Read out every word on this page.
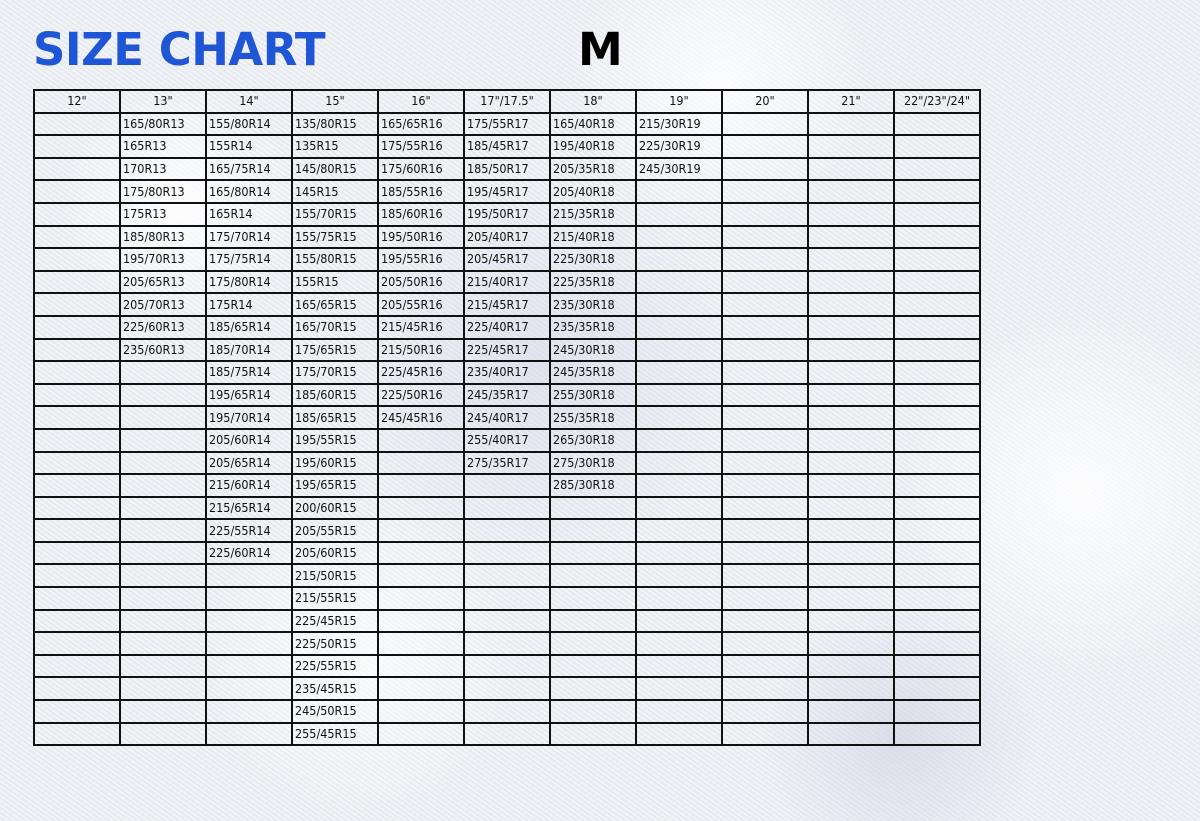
SIZE CHART	M
12"	13"	14"	15"	16"	17"/17.5"	18"	19"	20"	21"	22"/23"/24"
	165/80R13	155/80R14	135/80R15	165/65R16	175/55R17	165/40R18	215/30R19			
	165R13	155R14	135R15	175/55R16	185/45R17	195/40R18	225/30R19			
	170R13	165/75R14	145/80R15	175/60R16	185/50R17	205/35R18	245/30R19			
	175/80R13	165/80R14	145R15	185/55R16	195/45R17	205/40R18				
	175R13	165R14	155/70R15	185/60R16	195/50R17	215/35R18				
	185/80R13	175/70R14	155/75R15	195/50R16	205/40R17	215/40R18				
	195/70R13	175/75R14	155/80R15	195/55R16	205/45R17	225/30R18				
	205/65R13	175/80R14	155R15	205/50R16	215/40R17	225/35R18				
	205/70R13	175R14	165/65R15	205/55R16	215/45R17	235/30R18				
	225/60R13	185/65R14	165/70R15	215/45R16	225/40R17	235/35R18				
	235/60R13	185/70R14	175/65R15	215/50R16	225/45R17	245/30R18				
		185/75R14	175/70R15	225/45R16	235/40R17	245/35R18				
		195/65R14	185/60R15	225/50R16	245/35R17	255/30R18				
		195/70R14	185/65R15	245/45R16	245/40R17	255/35R18				
		205/60R14	195/55R15		255/40R17	265/30R18				
		205/65R14	195/60R15		275/35R17	275/30R18				
		215/60R14	195/65R15			285/30R18				
		215/65R14	200/60R15							
		225/55R14	205/55R15							
		225/60R14	205/60R15							
			215/50R15							
			215/55R15							
			225/45R15							
			225/50R15							
			225/55R15							
			235/45R15							
			245/50R15							
			255/45R15							
